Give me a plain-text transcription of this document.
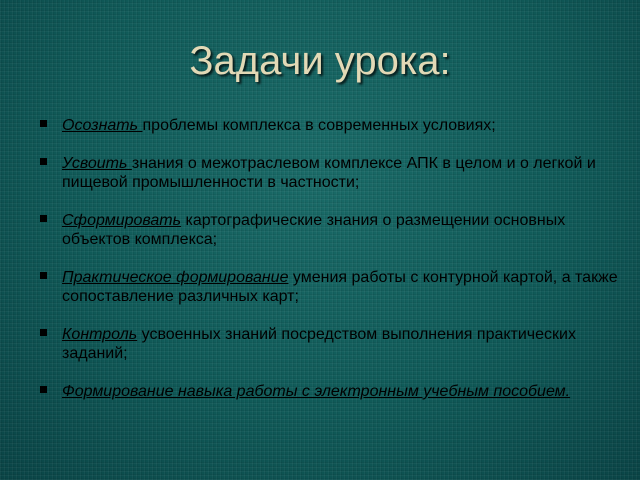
Задачи урока:
Осознать проблемы комплекса в современных условиях;
Усвоить знания о межотраслевом комплексе АПК в целом и о легкой и пищевой промышленности в частности;
Сформировать картографические знания о размещении основных объектов комплекса;
Практическое формирование умения работы с контурной картой, а также сопоставление различных карт;
Контроль усвоенных знаний посредством выполнения практических заданий;
Формирование навыка работы с электронным учебным пособием.
